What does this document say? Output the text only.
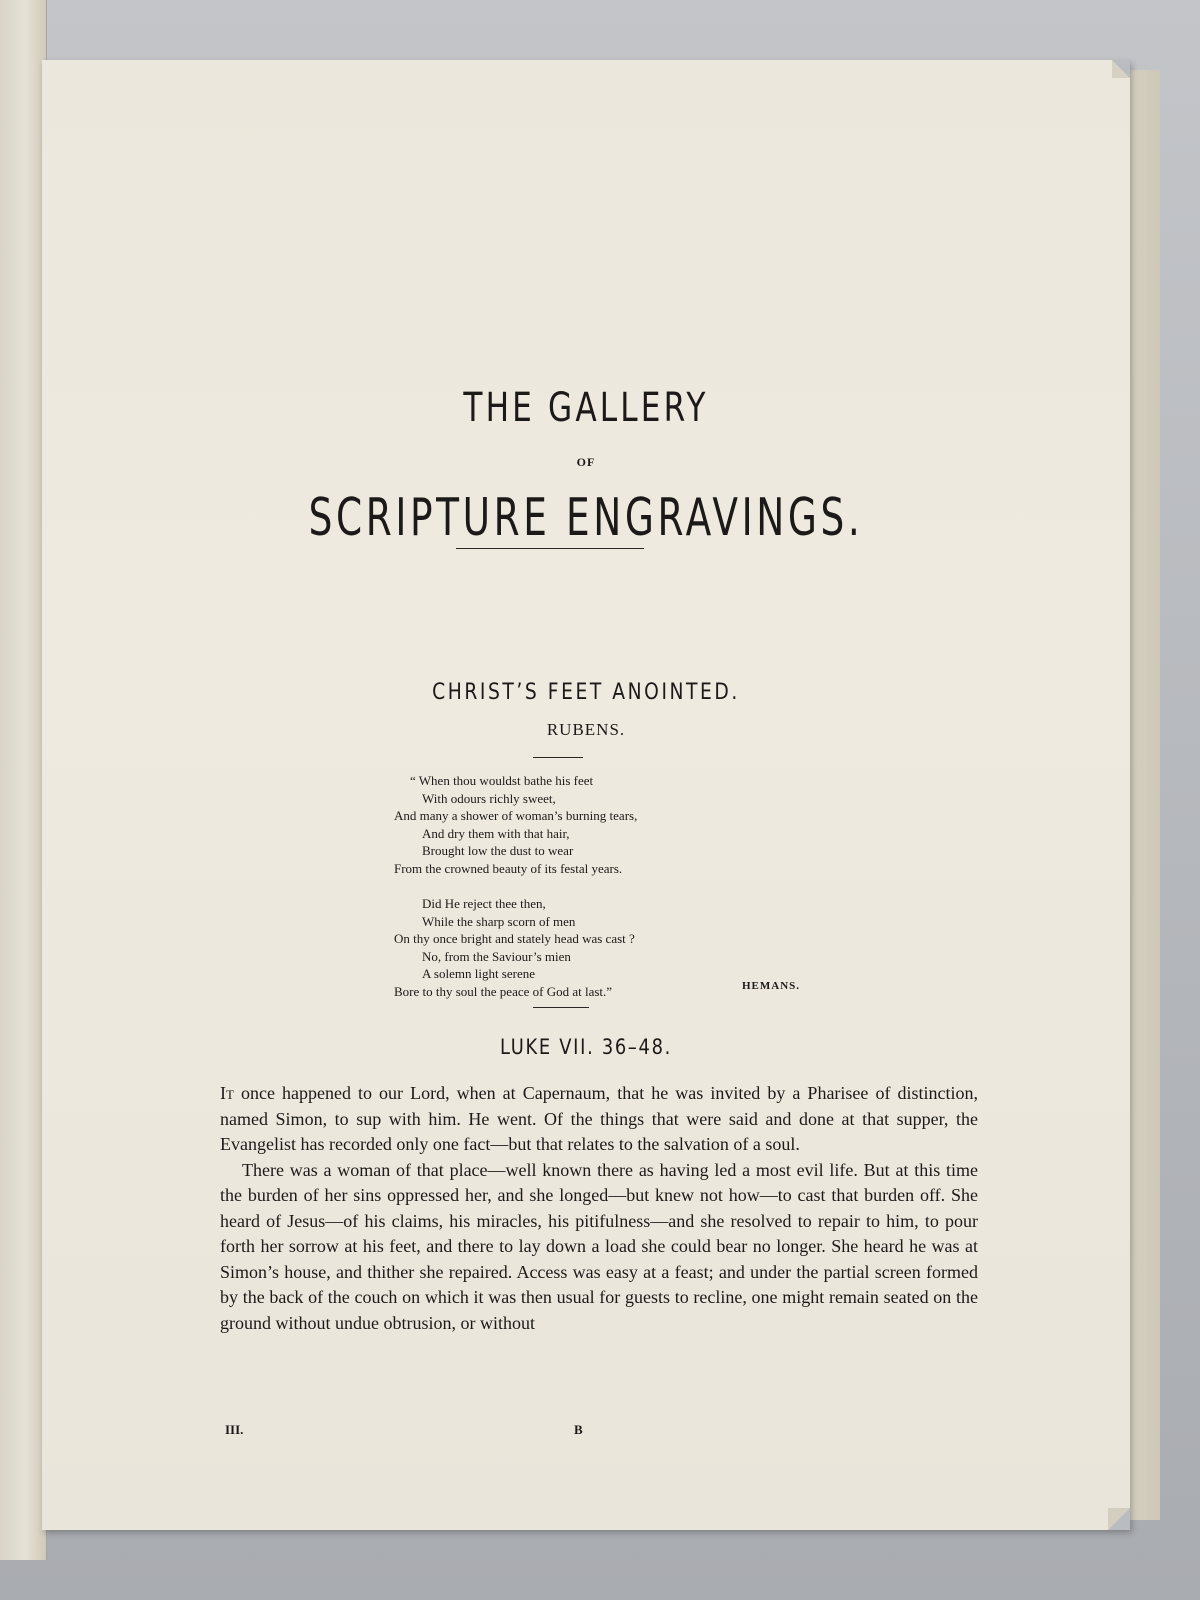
THE GALLERY
OF
SCRIPTURE ENGRAVINGS.
CHRIST’S FEET ANOINTED.
RUBENS.
“ When thou wouldst bathe his feet
With odours richly sweet,
And many a shower of woman’s burning tears,
And dry them with that hair,
Brought low the dust to wear
From the crowned beauty of its festal years.
Did He reject thee then,
While the sharp scorn of men
On thy once bright and stately head was cast ?
No, from the Saviour’s mien
A solemn light serene
Bore to thy soul the peace of God at last.”	HEMANS.
LUKE VII. 36–48.

It once happened to our Lord, when at Capernaum, that he was invited by a Pharisee of distinction, named Simon, to sup with him. He went. Of the things that were said and done at that supper, the Evangelist has recorded only one fact—but that relates to the salvation of a soul.

There was a woman of that place—well known there as having led a most evil life. But at this time the burden of her sins oppressed her, and she longed—but knew not how—to cast that burden off. She heard of Jesus—of his claims, his miracles, his pitifulness—and she resolved to repair to him, to pour forth her sorrow at his feet, and there to lay down a load she could bear no longer. She heard he was at Simon’s house, and thither she repaired. Access was easy at a feast; and under the partial screen formed by the back of the couch on which it was then usual for guests to recline, one might remain seated on the ground without undue obtrusion, or without

III.	B
